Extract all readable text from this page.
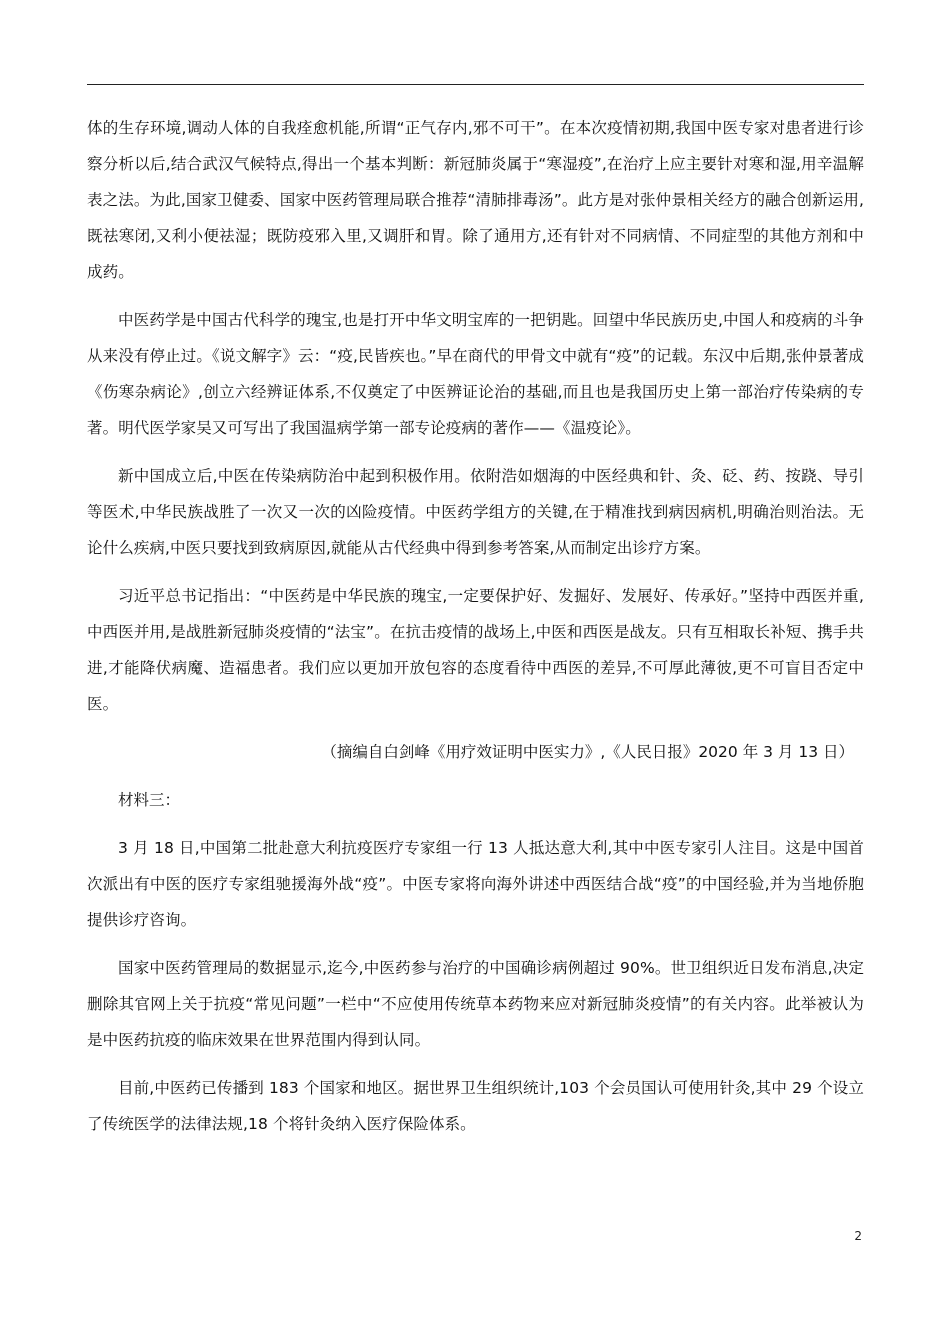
体的生存环境,调动人体的自我痊愈机能,所谓“正气存内,邪不可干”。在本次疫情初期,我国中医专家对患者进行诊察分析以后,结合武汉气候特点,得出一个基本判断：新冠肺炎属于“寒湿疫”,在治疗上应主要针对寒和湿,用辛温解表之法。为此,国家卫健委、国家中医药管理局联合推荐“清肺排毒汤”。此方是对张仲景相关经方的融合创新运用,既祛寒闭,又利小便祛湿；既防疫邪入里,又调肝和胃。除了通用方,还有针对不同病情、不同症型的其他方剂和中成药。

中医药学是中国古代科学的瑰宝,也是打开中华文明宝库的一把钥匙。回望中华民族历史,中国人和疫病的斗争从来没有停止过。《说文解字》云：“疫,民皆疾也。”早在商代的甲骨文中就有“疫”的记载。东汉中后期,张仲景著成《伤寒杂病论》,创立六经辨证体系,不仅奠定了中医辨证论治的基础,而且也是我国历史上第一部治疗传染病的专著。明代医学家吴又可写出了我国温病学第一部专论疫病的著作——《温疫论》。

新中国成立后,中医在传染病防治中起到积极作用。依附浩如烟海的中医经典和针、灸、砭、药、按跷、导引等医术,中华民族战胜了一次又一次的凶险疫情。中医药学组方的关键,在于精准找到病因病机,明确治则治法。无论什么疾病,中医只要找到致病原因,就能从古代经典中得到参考答案,从而制定出诊疗方案。

习近平总书记指出：“中医药是中华民族的瑰宝,一定要保护好、发掘好、发展好、传承好。”坚持中西医并重,中西医并用,是战胜新冠肺炎疫情的“法宝”。在抗击疫情的战场上,中医和西医是战友。只有互相取长补短、携手共进,才能降伏病魔、造福患者。我们应以更加开放包容的态度看待中西医的差异,不可厚此薄彼,更不可盲目否定中医。

（摘编自白剑峰《用疗效证明中医实力》,《人民日报》2020 年 3 月 13 日）

材料三：

3 月 18 日,中国第二批赴意大利抗疫医疗专家组一行 13 人抵达意大利,其中中医专家引人注目。这是中国首次派出有中医的医疗专家组驰援海外战“疫”。中医专家将向海外讲述中西医结合战“疫”的中国经验,并为当地侨胞提供诊疗咨询。

国家中医药管理局的数据显示,迄今,中医药参与治疗的中国确诊病例超过 90%。世卫组织近日发布消息,决定删除其官网上关于抗疫“常见问题”一栏中“不应使用传统草本药物来应对新冠肺炎疫情”的有关内容。此举被认为是中医药抗疫的临床效果在世界范围内得到认同。

目前,中医药已传播到 183 个国家和地区。据世界卫生组织统计,103 个会员国认可使用针灸,其中 29 个设立了传统医学的法律法规,18 个将针灸纳入医疗保险体系。

2
